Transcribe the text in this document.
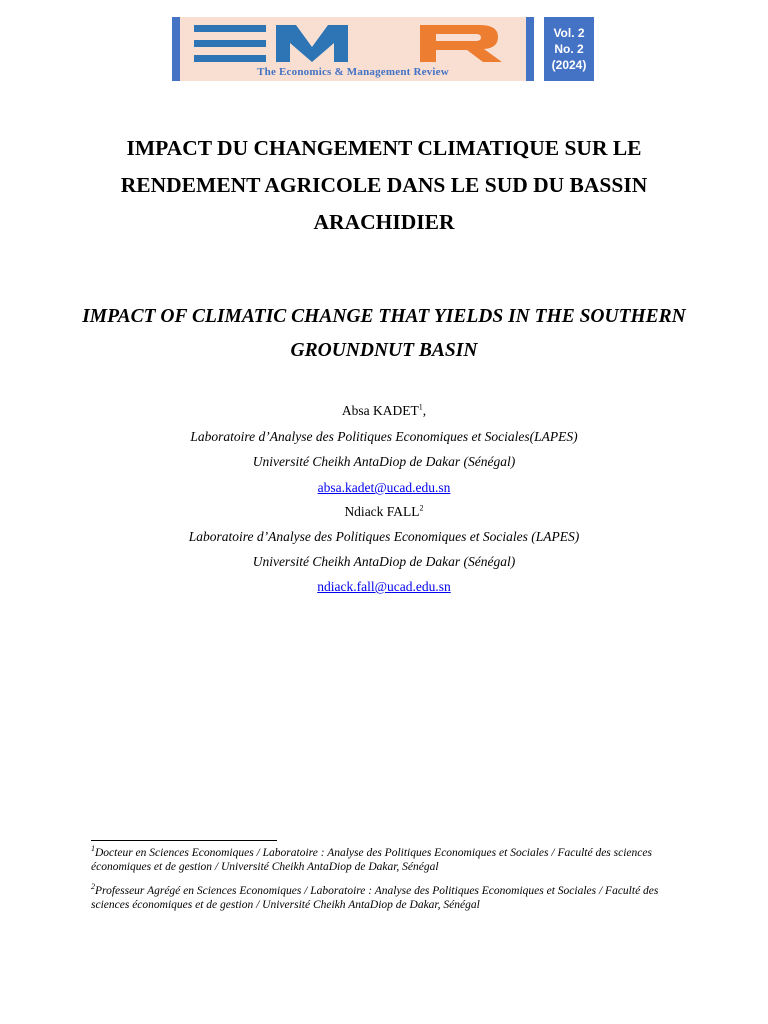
The Economics & Management Review
Vol. 2
No. 2
(2024)
IMPACT DU CHANGEMENT CLIMATIQUE SUR LE RENDEMENT AGRICOLE DANS LE SUD DU BASSIN ARACHIDIER
IMPACT OF CLIMATIC CHANGE THAT YIELDS IN THE SOUTHERN GROUNDNUT BASIN
Absa KADET$^1$,
Laboratoire d’Analyse des Politiques Economiques et Sociales(LAPES)
Université Cheikh AntaDiop de Dakar (Sénégal)
absa.kadet@ucad.edu.sn
Ndiack FALL$^2$
Laboratoire d’Analyse des Politiques Economiques et Sociales (LAPES)
Université Cheikh AntaDiop de Dakar (Sénégal)
ndiack.fall@ucad.edu.sn
$^1$Docteur en Sciences Economiques / Laboratoire : Analyse des Politiques Economiques et Sociales / Faculté des sciences économiques et de gestion / Université Cheikh AntaDiop de Dakar, Sénégal
$^2$Professeur Agrégé en Sciences Economiques / Laboratoire : Analyse des Politiques Economiques et Sociales / Faculté des sciences économiques et de gestion / Université Cheikh AntaDiop de Dakar, Sénégal
